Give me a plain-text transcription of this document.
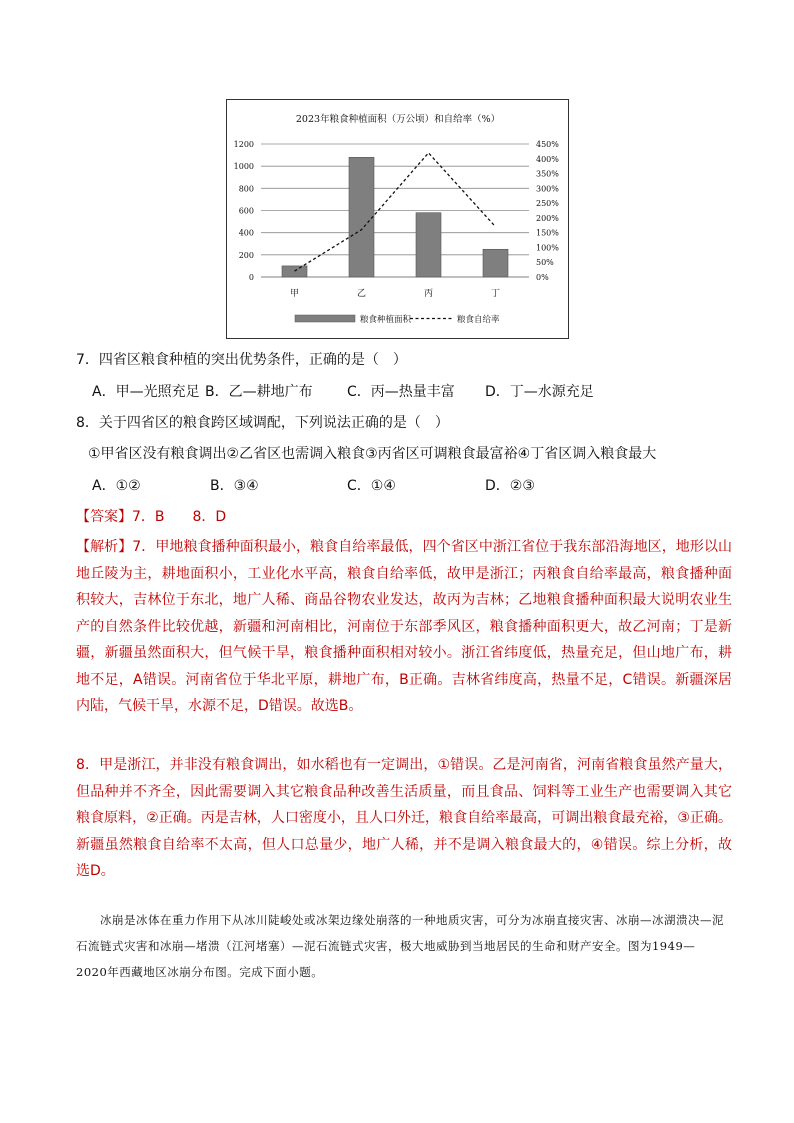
2023年粮食种植面积（万公顷）和自给率（%）
0
200
400
600
800
1000
1200
0%
50%
100%
150%
200%
250%
300%
350%
400%
450%
甲	乙	丙	丁
粮食种植面积	粮食自给率
7．四省区粮食种植的突出优势条件，正确的是（　）
A．甲—光照充足 B．乙—耕地广布 C．丙—热量丰富 D．丁—水源充足
8．关于四省区的粮食跨区域调配，下列说法正确的是（　）
①甲省区没有粮食调出②乙省区也需调入粮食③丙省区可调粮食最富裕④丁省区调入粮食最大
A．①②	B．③④	C．①④	D．②③
【答案】7．B　　8．D
【解析】7．甲地粮食播种面积最小，粮食自给率最低，四个省区中浙江省位于我东部沿海地区，地形以山地丘陵为主，耕地面积小，工业化水平高，粮食自给率低，故甲是浙江；丙粮食自给率最高，粮食播种面积较大，吉林位于东北，地广人稀、商品谷物农业发达，故丙为吉林；乙地粮食播种面积最大说明农业生产的自然条件比较优越，新疆和河南相比，河南位于东部季风区，粮食播种面积更大，故乙河南；丁是新疆，新疆虽然面积大，但气候干旱，粮食播种面积相对较小。浙江省纬度低，热量充足，但山地广布，耕地不足，A错误。河南省位于华北平原，耕地广布，B正确。吉林省纬度高，热量不足，C错误。新疆深居内陆，气候干旱，水源不足，D错误。故选B。
8．甲是浙江，并非没有粮食调出，如水稻也有一定调出，①错误。乙是河南省，河南省粮食虽然产量大，但品种并不齐全，因此需要调入其它粮食品种改善生活质量，而且食品、饲料等工业生产也需要调入其它粮食原料，②正确。丙是吉林，人口密度小，且人口外迁，粮食自给率最高，可调出粮食最充裕，③正确。新疆虽然粮食自给率不太高，但人口总量少，地广人稀，并不是调入粮食最大的，④错误。综上分析，故选D。
冰崩是冰体在重力作用下从冰川陡峻处或冰架边缘处崩落的一种地质灾害，可分为冰崩直接灾害、冰崩—冰湖溃决—泥石流链式灾害和冰崩—堵溃（江河堵塞）—泥石流链式灾害，极大地威胁到当地居民的生命和财产安全。图为1949—2020年西藏地区冰崩分布图。完成下面小题。
